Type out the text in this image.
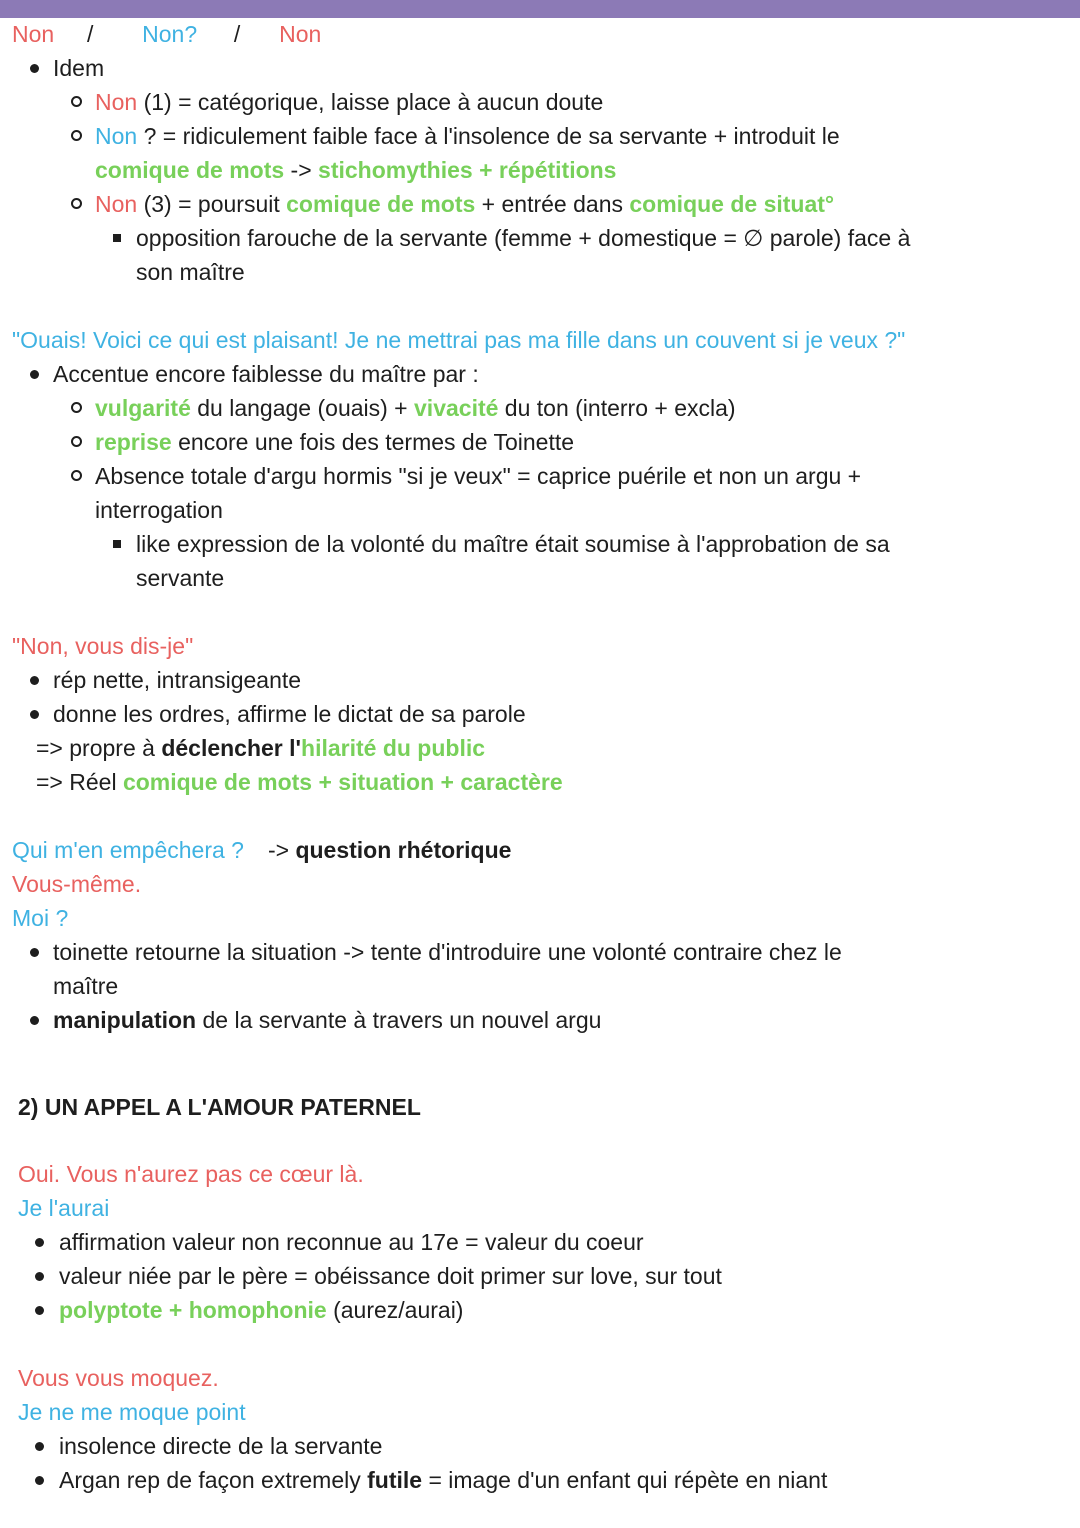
Non / Non? / Non
Idem
Non (1) = catégorique, laisse place à aucun doute
Non ? = ridiculement faible face à l'insolence de sa servante + introduit le
comique de mots -> stichomythies + répétitions
Non (3) = poursuit comique de mots + entrée dans comique de situat°
opposition farouche de la servante (femme + domestique = ∅ parole) face à
son maître
"Ouais! Voici ce qui est plaisant! Je ne mettrai pas ma fille dans un couvent si je veux ?"
Accentue encore faiblesse du maître par :
vulgarité du langage (ouais) + vivacité du ton (interro + excla)
reprise encore une fois des termes de Toinette
Absence totale d'argu hormis "si je veux" = caprice puérile et non un argu +
interrogation
like expression de la volonté du maître était soumise à l'approbation de sa
servante
"Non, vous dis-je"
rép nette, intransigeante
donne les ordres, affirme le dictat de sa parole
=> propre à déclencher l'hilarité du public
=> Réel comique de mots + situation + caractère
Qui m'en empêchera ? -> question rhétorique
Vous-même.
Moi ?
toinette retourne la situation -> tente d'introduire une volonté contraire chez le
maître
manipulation de la servante à travers un nouvel argu
2) UN APPEL A L'AMOUR PATERNEL
Oui. Vous n'aurez pas ce cœur là.
Je l'aurai
affirmation valeur non reconnue au 17e = valeur du coeur
valeur niée par le père = obéissance doit primer sur love, sur tout
polyptote + homophonie (aurez/aurai)
Vous vous moquez.
Je ne me moque point
insolence directe de la servante
Argan rep de façon extremely futile = image d'un enfant qui répète en niant
